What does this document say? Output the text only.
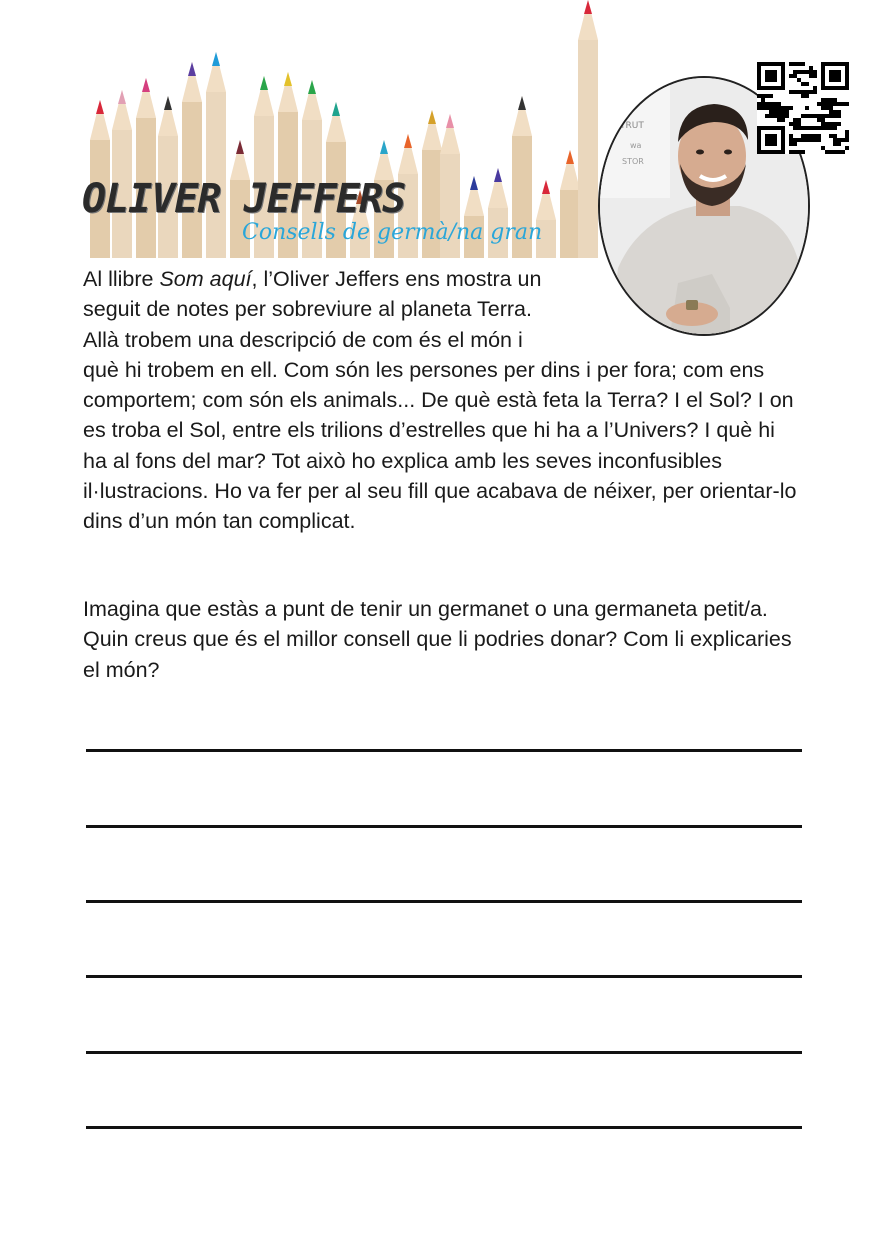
OLIVER JEFFERS
Consells de germà/na gran
TRUT
wa
STOR

Al llibre Som aquí, l’Oliver Jeffers ens mostra un seguit de notes per sobreviure al planeta Terra. Allà trobem una descripció de com és el món i què hi trobem en ell. Com són les persones per dins i per fora; com ens comportem; com són els animals... De què està feta la Terra? I el Sol? I on es troba el Sol, entre els trilions d’estrelles que hi ha a l’Univers? I què hi ha al fons del mar? Tot això ho explica amb les seves inconfusibles il·lustracions. Ho va fer per al seu fill que acabava de néixer, per orientar-lo dins d’un món tan complicat.

Imagina que estàs a punt de tenir un germanet o una germaneta petit/a. Quin creus que és el millor consell que li podries donar? Com li explicaries el món?
